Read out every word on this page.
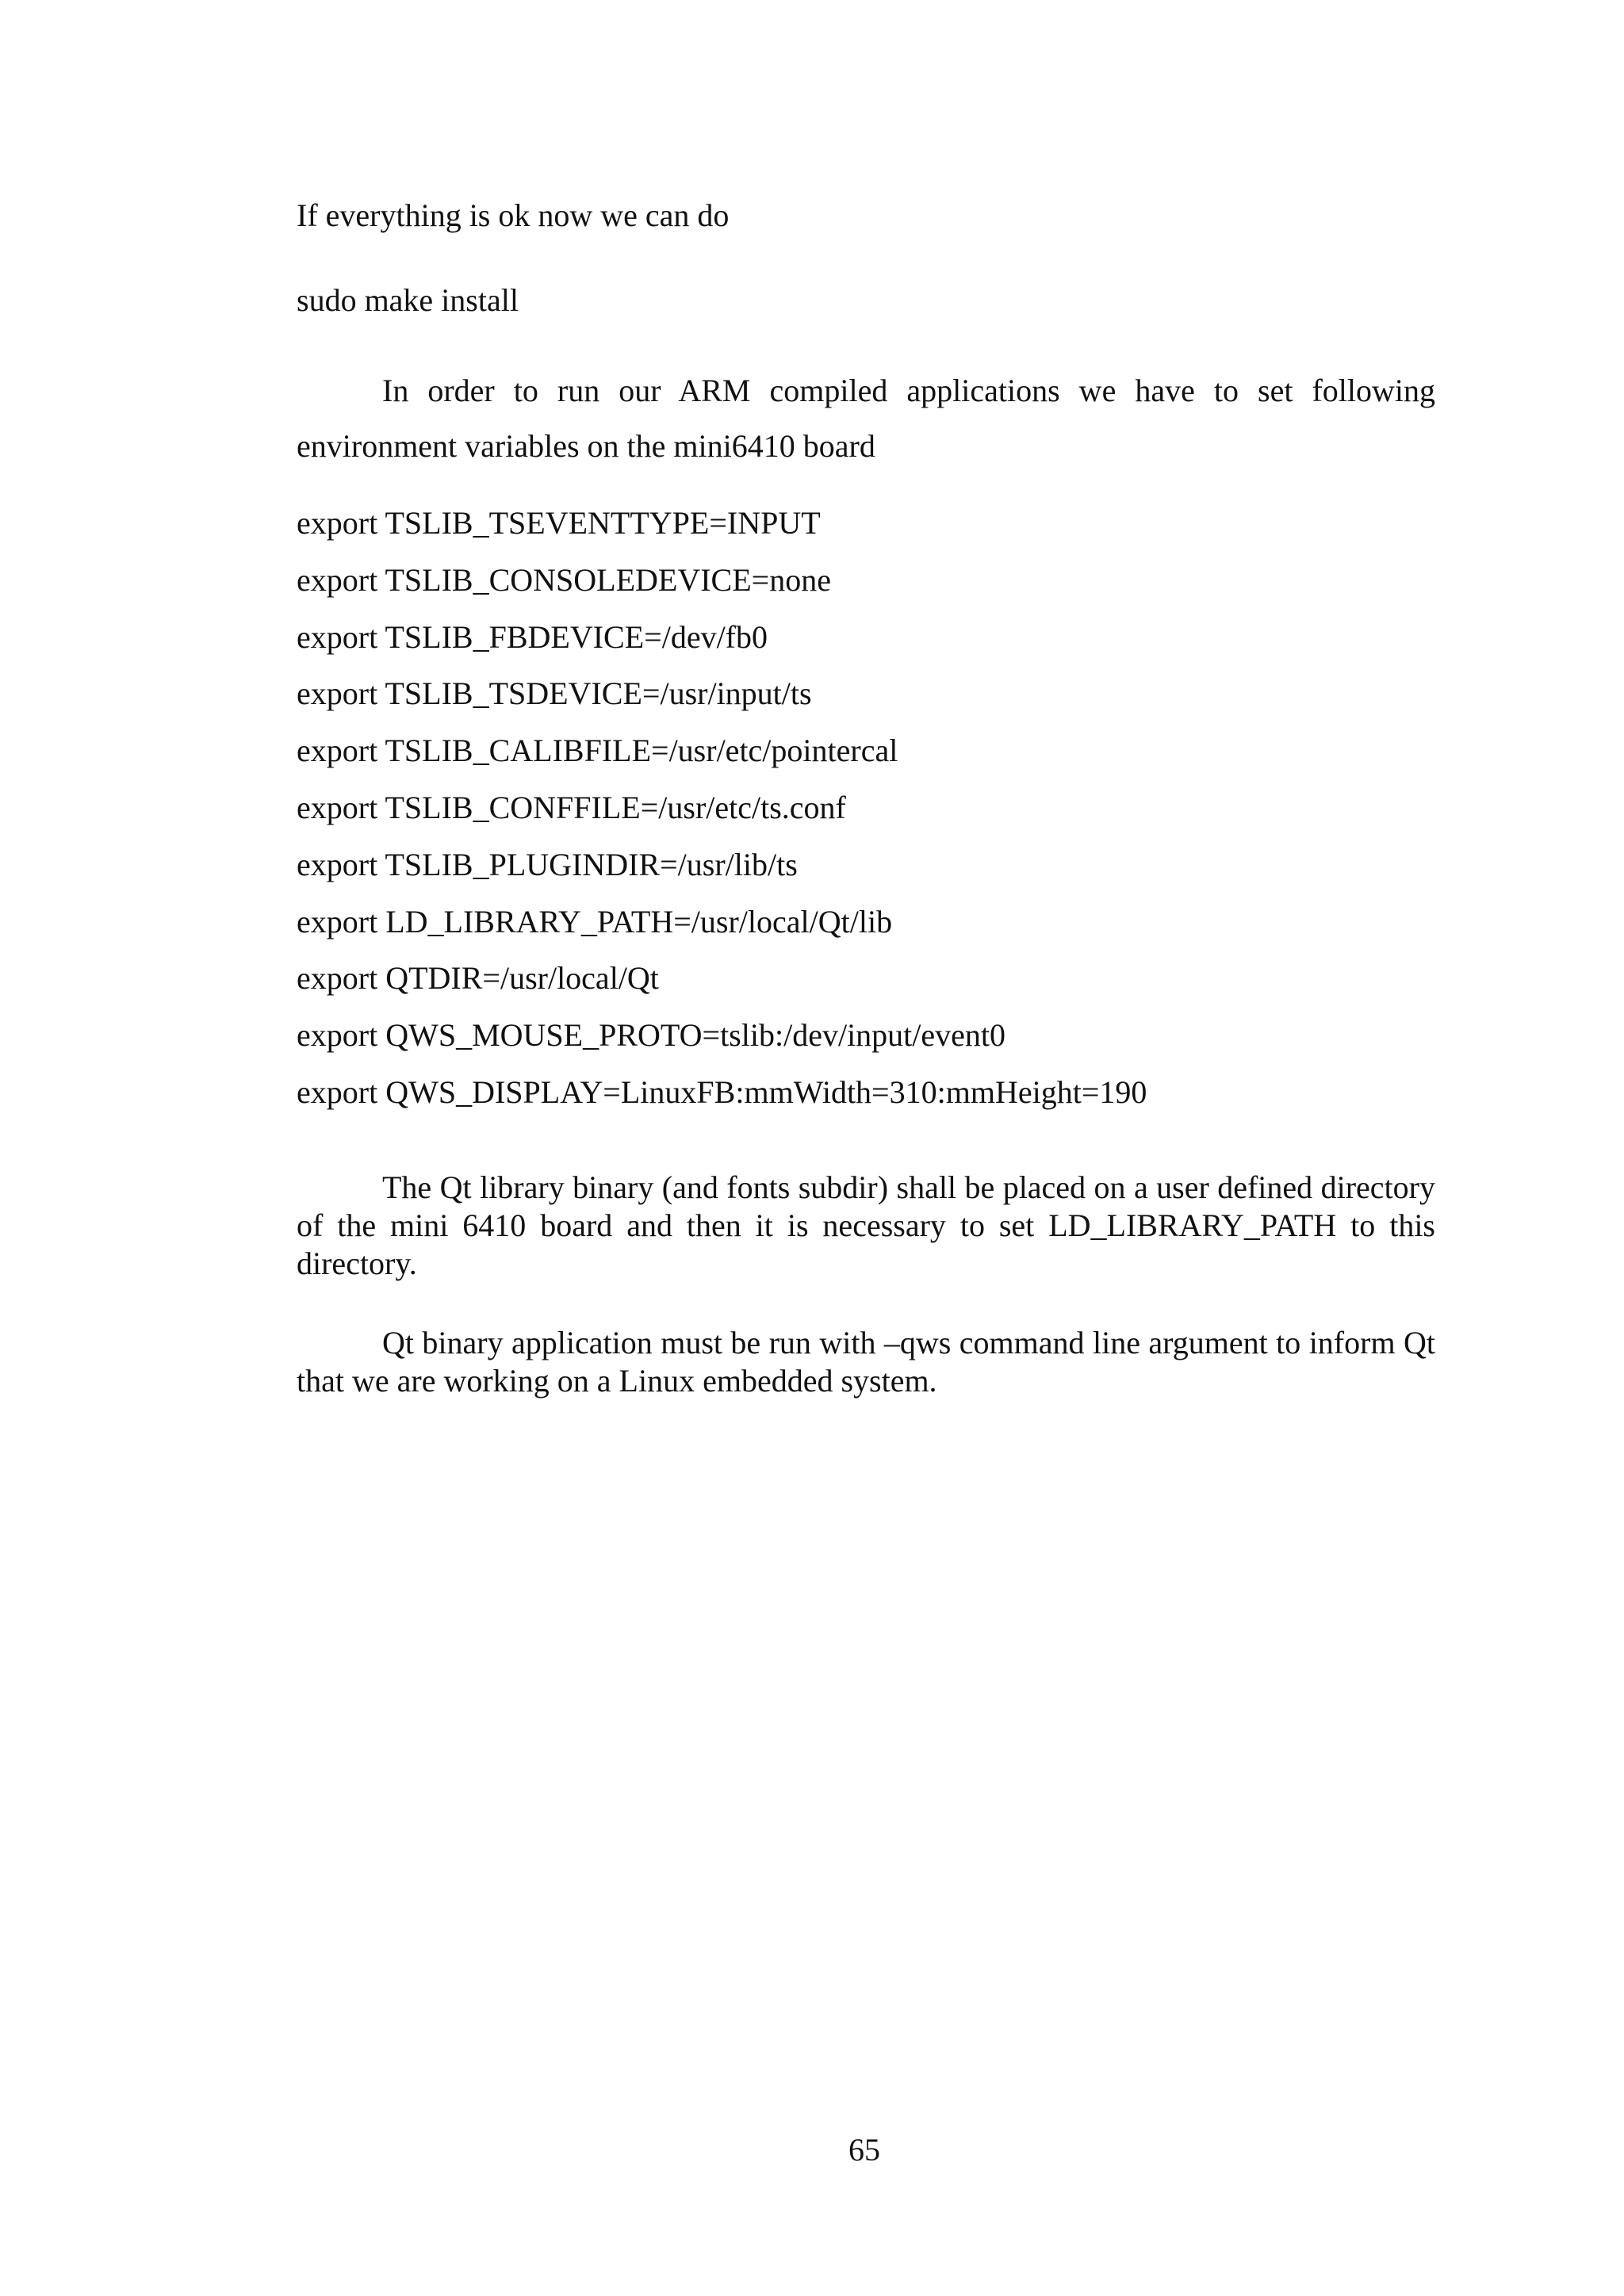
If everything is ok now we can do
sudo make install
In order to run our ARM compiled applications we have to set following environment variables on the mini6410 board
export TSLIB_TSEVENTTYPE=INPUT
export TSLIB_CONSOLEDEVICE=none
export TSLIB_FBDEVICE=/dev/fb0
export TSLIB_TSDEVICE=/usr/input/ts
export TSLIB_CALIBFILE=/usr/etc/pointercal
export TSLIB_CONFFILE=/usr/etc/ts.conf
export TSLIB_PLUGINDIR=/usr/lib/ts
export LD_LIBRARY_PATH=/usr/local/Qt/lib
export QTDIR=/usr/local/Qt
export QWS_MOUSE_PROTO=tslib:/dev/input/event0
export QWS_DISPLAY=LinuxFB:mmWidth=310:mmHeight=190
The Qt library binary (and fonts subdir) shall be placed on a user defined directory of the mini 6410 board and then it is necessary to set LD_LIBRARY_PATH to this directory.
Qt binary application must be run with –qws command line argument to inform Qt that we are working on a Linux embedded system.
65
